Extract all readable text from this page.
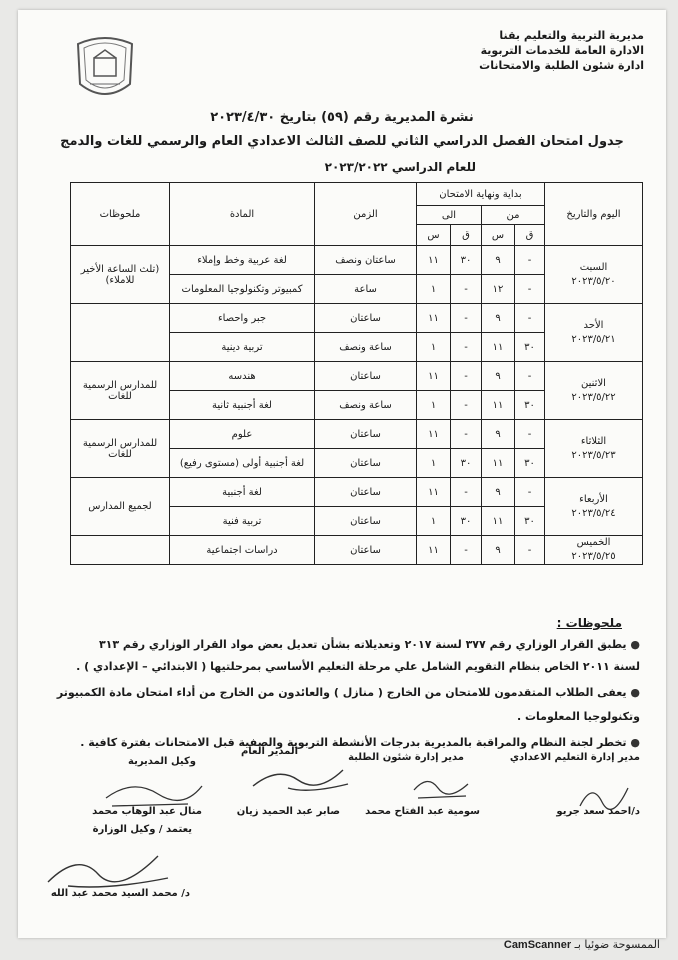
مديرية التربية والتعليم بقنا
الادارة العامة للخدمات التربوية
ادارة شئون الطلبة والامتحانات
نشرة المديرية رقم (٥٩) بتاريخ ٢٠٢٣/٤/٣٠
جدول امتحان الفصل الدراسي الثاني للصف الثالث الاعدادي العام والرسمي للغات والدمج
للعام الدراسي ٢٠٢٣/٢٠٢٢
اليوم والتاريخ	بداية ونهاية الامتحان				الزمن	المادة	ملحوظات
	من		الى				
	ق	س	ق	س			

السبت
٢٠٢٣/٥/٢٠	-	٩	٣٠	١١	ساعتان ونصف	لغة عربية وخط وإملاء	(تلث الساعة الأخير للاملاء)
	-	١٢	-	١	ساعة	كمبيوتر وتكنولوجيا المعلومات	

الأحد
٢٠٢٣/٥/٢١	-	٩	-	١١	ساعتان	جبر واحصاء	
	٣٠	١١	-	١	ساعة ونصف	تربية دينية	

الاثنين
٢٠٢٣/٥/٢٢	-	٩	-	١١	ساعتان	هندسه	للمدارس الرسمية للغات
	٣٠	١١	-	١	ساعة ونصف	لغة أجنبية ثانية	

الثلاثاء
٢٠٢٣/٥/٢٣	-	٩	-	١١	ساعتان	علوم	للمدارس الرسمية للغات
	٣٠	١١	٣٠	١	ساعتان	لغة أجنبية أولى (مستوى رفيع)	

الأربعاء
٢٠٢٣/٥/٢٤	-	٩	-	١١	ساعتان	لغة أجنبية	لجميع المدارس
	٣٠	١١	٣٠	١	ساعتان	تربية فنية	

الخميس
٢٠٢٣/٥/٢٥	-	٩	-	١١	ساعتان	دراسات اجتماعية	
ملحوظات :
● يطبق القرار الوزاري رقم ٣٧٧ لسنة ٢٠١٧ وتعديلاته بشأن تعديل بعض مواد القرار الوزاري رقم ٣١٣
لسنة ٢٠١١ الخاص بنظام التقويم الشامل علي مرحلة التعليم الأساسي بمرحلتيها ( الابتدائي – الإعدادي ) .
● يعفى الطلاب المتقدمون للامتحان من الخارج ( منازل ) والعائدون من الخارج من أداء امتحان مادة الكمبيوتر
وتكنولوجيا المعلومات .
● تخطر لجنة النظام والمراقبة بالمديرية بدرجات الأنشطة التربوية والصفية قبل الامتحانات بفترة كافية .
مدير إدارة التعليم الاعدادي
مدير إدارة شئون الطلبة
المدير العام
وكيل المديرية
د/احمد سعد جريو
سومية عبد الفتاح محمد
صابر عبد الحميد زيان
منال عبد الوهاب محمد
يعتمد / وكيل الوزارة
د/ محمد السيد محمد عبد الله
الممسوحة ضوئيا بـ CamScanner
